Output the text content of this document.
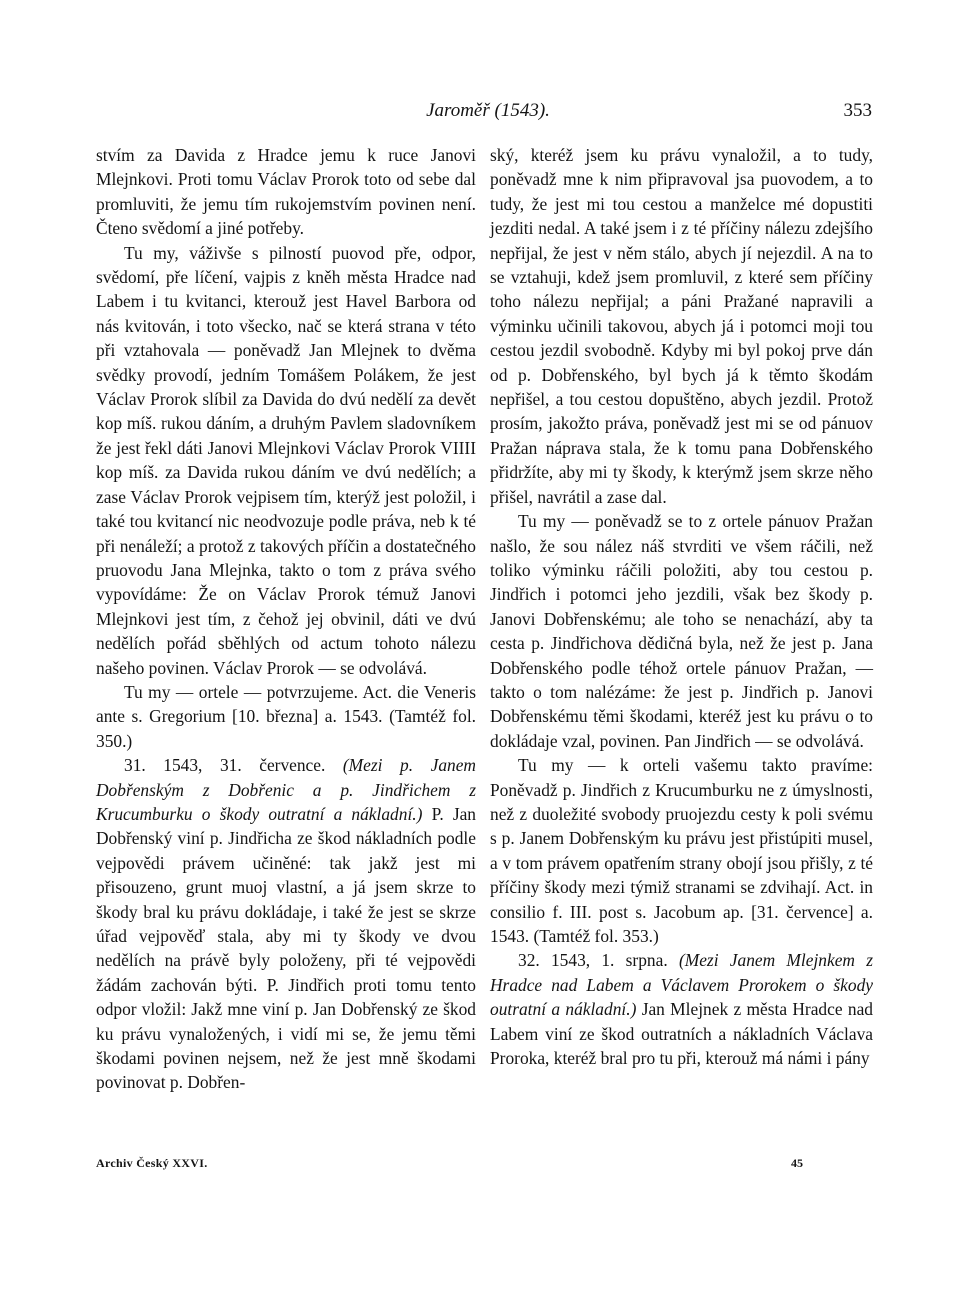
Jaroměř (1543).	353

stvím za Davida z Hradce jemu k ruce Janovi Mlejnkovi. Proti tomu Václav Prorok toto od sebe dal promluviti, že jemu tím rukojemstvím povinen není. Čteno svědomí a jiné potřeby.

Tu my, váživše s pilností puovod pře, odpor, svědomí, pře líčení, vajpis z kněh města Hradce nad Labem i tu kvitanci, kterouž jest Havel Barbora od nás kvitován, i toto všecko, nač se která strana v této při vztahovala — poněvadž Jan Mlejnek to dvěma svědky provodí, jedním Tomášem Polákem, že jest Václav Prorok slíbil za Davida do dvú nedělí za devět kop míš. rukou dáním, a druhým Pavlem sladovníkem že jest řekl dáti Janovi Mlejnkovi Václav Prorok VIIII kop míš. za Davida rukou dáním ve dvú nedělích; a zase Václav Prorok vejpisem tím, kterýž jest položil, i také tou kvitancí nic neodvozuje podle práva, neb k té při nenáleží; a protož z takových příčin a dostatečného pruovodu Jana Mlejnka, takto o tom z práva svého vypovídáme: Že on Václav Prorok témuž Janovi Mlejnkovi jest tím, z čehož jej obvinil, dáti ve dvú nedělích pořád sběhlých od actum tohoto nálezu našeho povinen. Václav Prorok — se odvolává.

Tu my — ortele — potvrzujeme. Act. die Veneris ante s. Gregorium [10. března] a. 1543. (Tamtéž fol. 350.)

31. 1543, 31. července. (Mezi p. Janem Dobřenským z Dobřenic a p. Jindřichem z Krucumburku o škody outratní a nákladní.) P. Jan Dobřenský viní p. Jindřicha ze škod nákladních podle vejpovědi právem učiněné: tak jakž jest mi přisouzeno, grunt muoj vlastní, a já jsem skrze to škody bral ku právu dokládaje, i také že jest se skrze úřad vejpověď stala, aby mi ty škody ve dvou nedělích na právě byly položeny, při té vejpovědi žádám zachován býti. P. Jindřich proti tomu tento odpor vložil: Jakž mne viní p. Jan Dobřenský ze škod ku právu vynaložených, i vidí mi se, že jemu těmi škodami povinen nejsem, než že jest mně škodami povinovat p. Dobřen-

ský, kteréž jsem ku právu vynaložil, a to tudy, poněvadž mne k nim připravoval jsa puovodem, a to tudy, že jest mi tou cestou a manželce mé dopustiti jezditi nedal. A také jsem i z té příčiny nálezu zdejšího nepřijal, že jest v něm stálo, abych jí nejezdil. A na to se vztahuji, kdež jsem promluvil, z které sem příčiny toho nálezu nepřijal; a páni Pražané napravili a výminku učinili takovou, abych já i potomci moji tou cestou jezdil svobodně. Kdyby mi byl pokoj prve dán od p. Dobřenského, byl bych já k těmto škodám nepřišel, a tou cestou dopuštěno, abych jezdil. Protož prosím, jakožto práva, poněvadž jest mi se od pánuov Pražan náprava stala, že k tomu pana Dobřenského přidržíte, aby mi ty škody, k kterýmž jsem skrze něho přišel, navrátil a zase dal.

Tu my — poněvadž se to z ortele pánuov Pražan našlo, že sou nález náš stvrditi ve všem ráčili, než toliko výminku ráčili položiti, aby tou cestou p. Jindřich i potomci jeho jezdili, však bez škody p. Janovi Dobřenskému; ale toho se nenachází, aby ta cesta p. Jindřichova dědičná byla, než že jest p. Jana Dobřenského podle téhož ortele pánuov Pražan, — takto o tom nalézáme: že jest p. Jindřich p. Janovi Dobřenskému těmi škodami, kteréž jest ku právu o to dokládaje vzal, povinen. Pan Jindřich — se odvolává.

Tu my — k orteli vašemu takto pravíme: Poněvadž p. Jindřich z Krucumburku ne z úmyslnosti, než z duoležité svobody pruojezdu cesty k poli svému s p. Janem Dobřenským ku právu jest přistúpiti musel, a v tom právem opatřením strany obojí jsou přišly, z té příčiny škody mezi týmiž stranami se zdvihají. Act. in consilio f. III. post s. Jacobum ap. [31. července] a. 1543. (Tamtéž fol. 353.)

32. 1543, 1. srpna. (Mezi Janem Mlejnkem z Hradce nad Labem a Václavem Prorokem o škody outratní a nákladní.) Jan Mlejnek z města Hradce nad Labem viní ze škod outratních a nákladních Václava Proroka, kteréž bral pro tu při, kterouž má námi i pány

Archiv Český XXVI.	45
